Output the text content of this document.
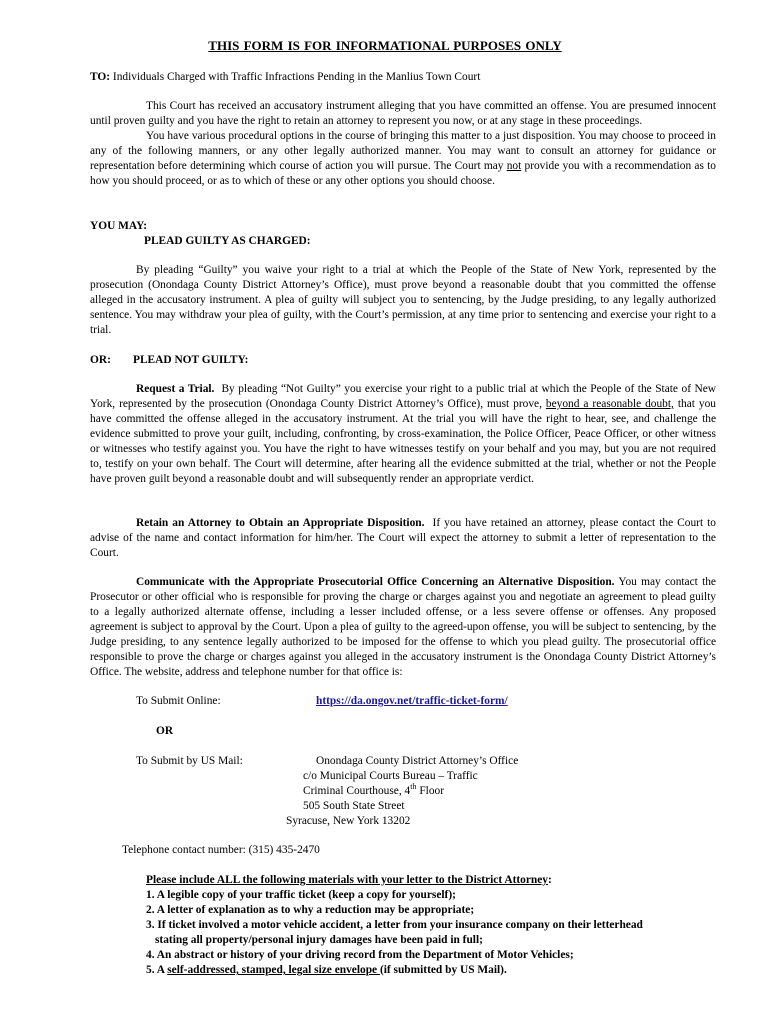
THIS FORM IS FOR INFORMATIONAL PURPOSES ONLY
TO: Individuals Charged with Traffic Infractions Pending in the Manlius Town Court

This Court has received an accusatory instrument alleging that you have committed an offense. You are presumed innocent until proven guilty and you have the right to retain an attorney to represent you now, or at any stage in these proceedings.

You have various procedural options in the course of bringing this matter to a just disposition. You may choose to proceed in any of the following manners, or any other legally authorized manner. You may want to consult an attorney for guidance or representation before determining which course of action you will pursue. The Court may not provide you with a recommendation as to how you should proceed, or as to which of these or any other options you should choose.

YOU MAY:
PLEAD GUILTY AS CHARGED:

By pleading “Guilty” you waive your right to a trial at which the People of the State of New York, represented by the prosecution (Onondaga County District Attorney’s Office), must prove beyond a reasonable doubt that you committed the offense alleged in the accusatory instrument. A plea of guilty will subject you to sentencing, by the Judge presiding, to any legally authorized sentence. You may withdraw your plea of guilty, with the Court’s permission, at any time prior to sentencing and exercise your right to a trial.

OR: PLEAD NOT GUILTY:

Request a Trial. By pleading “Not Guilty” you exercise your right to a public trial at which the People of the State of New York, represented by the prosecution (Onondaga County District Attorney’s Office), must prove, beyond a reasonable doubt, that you have committed the offense alleged in the accusatory instrument. At the trial you will have the right to hear, see, and challenge the evidence submitted to prove your guilt, including, confronting, by cross-examination, the Police Officer, Peace Officer, or other witness or witnesses who testify against you. You have the right to have witnesses testify on your behalf and you may, but you are not required to, testify on your own behalf. The Court will determine, after hearing all the evidence submitted at the trial, whether or not the People have proven guilt beyond a reasonable doubt and will subsequently render an appropriate verdict.

Retain an Attorney to Obtain an Appropriate Disposition. If you have retained an attorney, please contact the Court to advise of the name and contact information for him/her. The Court will expect the attorney to submit a letter of representation to the Court.

Communicate with the Appropriate Prosecutorial Office Concerning an Alternative Disposition. You may contact the Prosecutor or other official who is responsible for proving the charge or charges against you and negotiate an agreement to plead guilty to a legally authorized alternate offense, including a lesser included offense, or a less severe offense or offenses. Any proposed agreement is subject to approval by the Court. Upon a plea of guilty to the agreed-upon offense, you will be subject to sentencing, by the Judge presiding, to any sentence legally authorized to be imposed for the offense to which you plead guilty. The prosecutorial office responsible to prove the charge or charges against you alleged in the accusatory instrument is the Onondaga County District Attorney’s Office. The website, address and telephone number for that office is:

To Submit Online:	https://da.ongov.net/traffic-ticket-form/
OR
To Submit by US Mail:	Onondaga County District Attorney’s Office
c/o Municipal Courts Bureau – Traffic
Criminal Courthouse, 4th Floor
505 South State Street
Syracuse, New York 13202
Telephone contact number: (315) 435-2470
Please include ALL the following materials with your letter to the District Attorney:
1. A legible copy of your traffic ticket (keep a copy for yourself);
2. A letter of explanation as to why a reduction may be appropriate;
3. If ticket involved a motor vehicle accident, a letter from your insurance company on their letterhead
stating all property/personal injury damages have been paid in full;
4. An abstract or history of your driving record from the Department of Motor Vehicles;
5. A self-addressed, stamped, legal size envelope (if submitted by US Mail).
